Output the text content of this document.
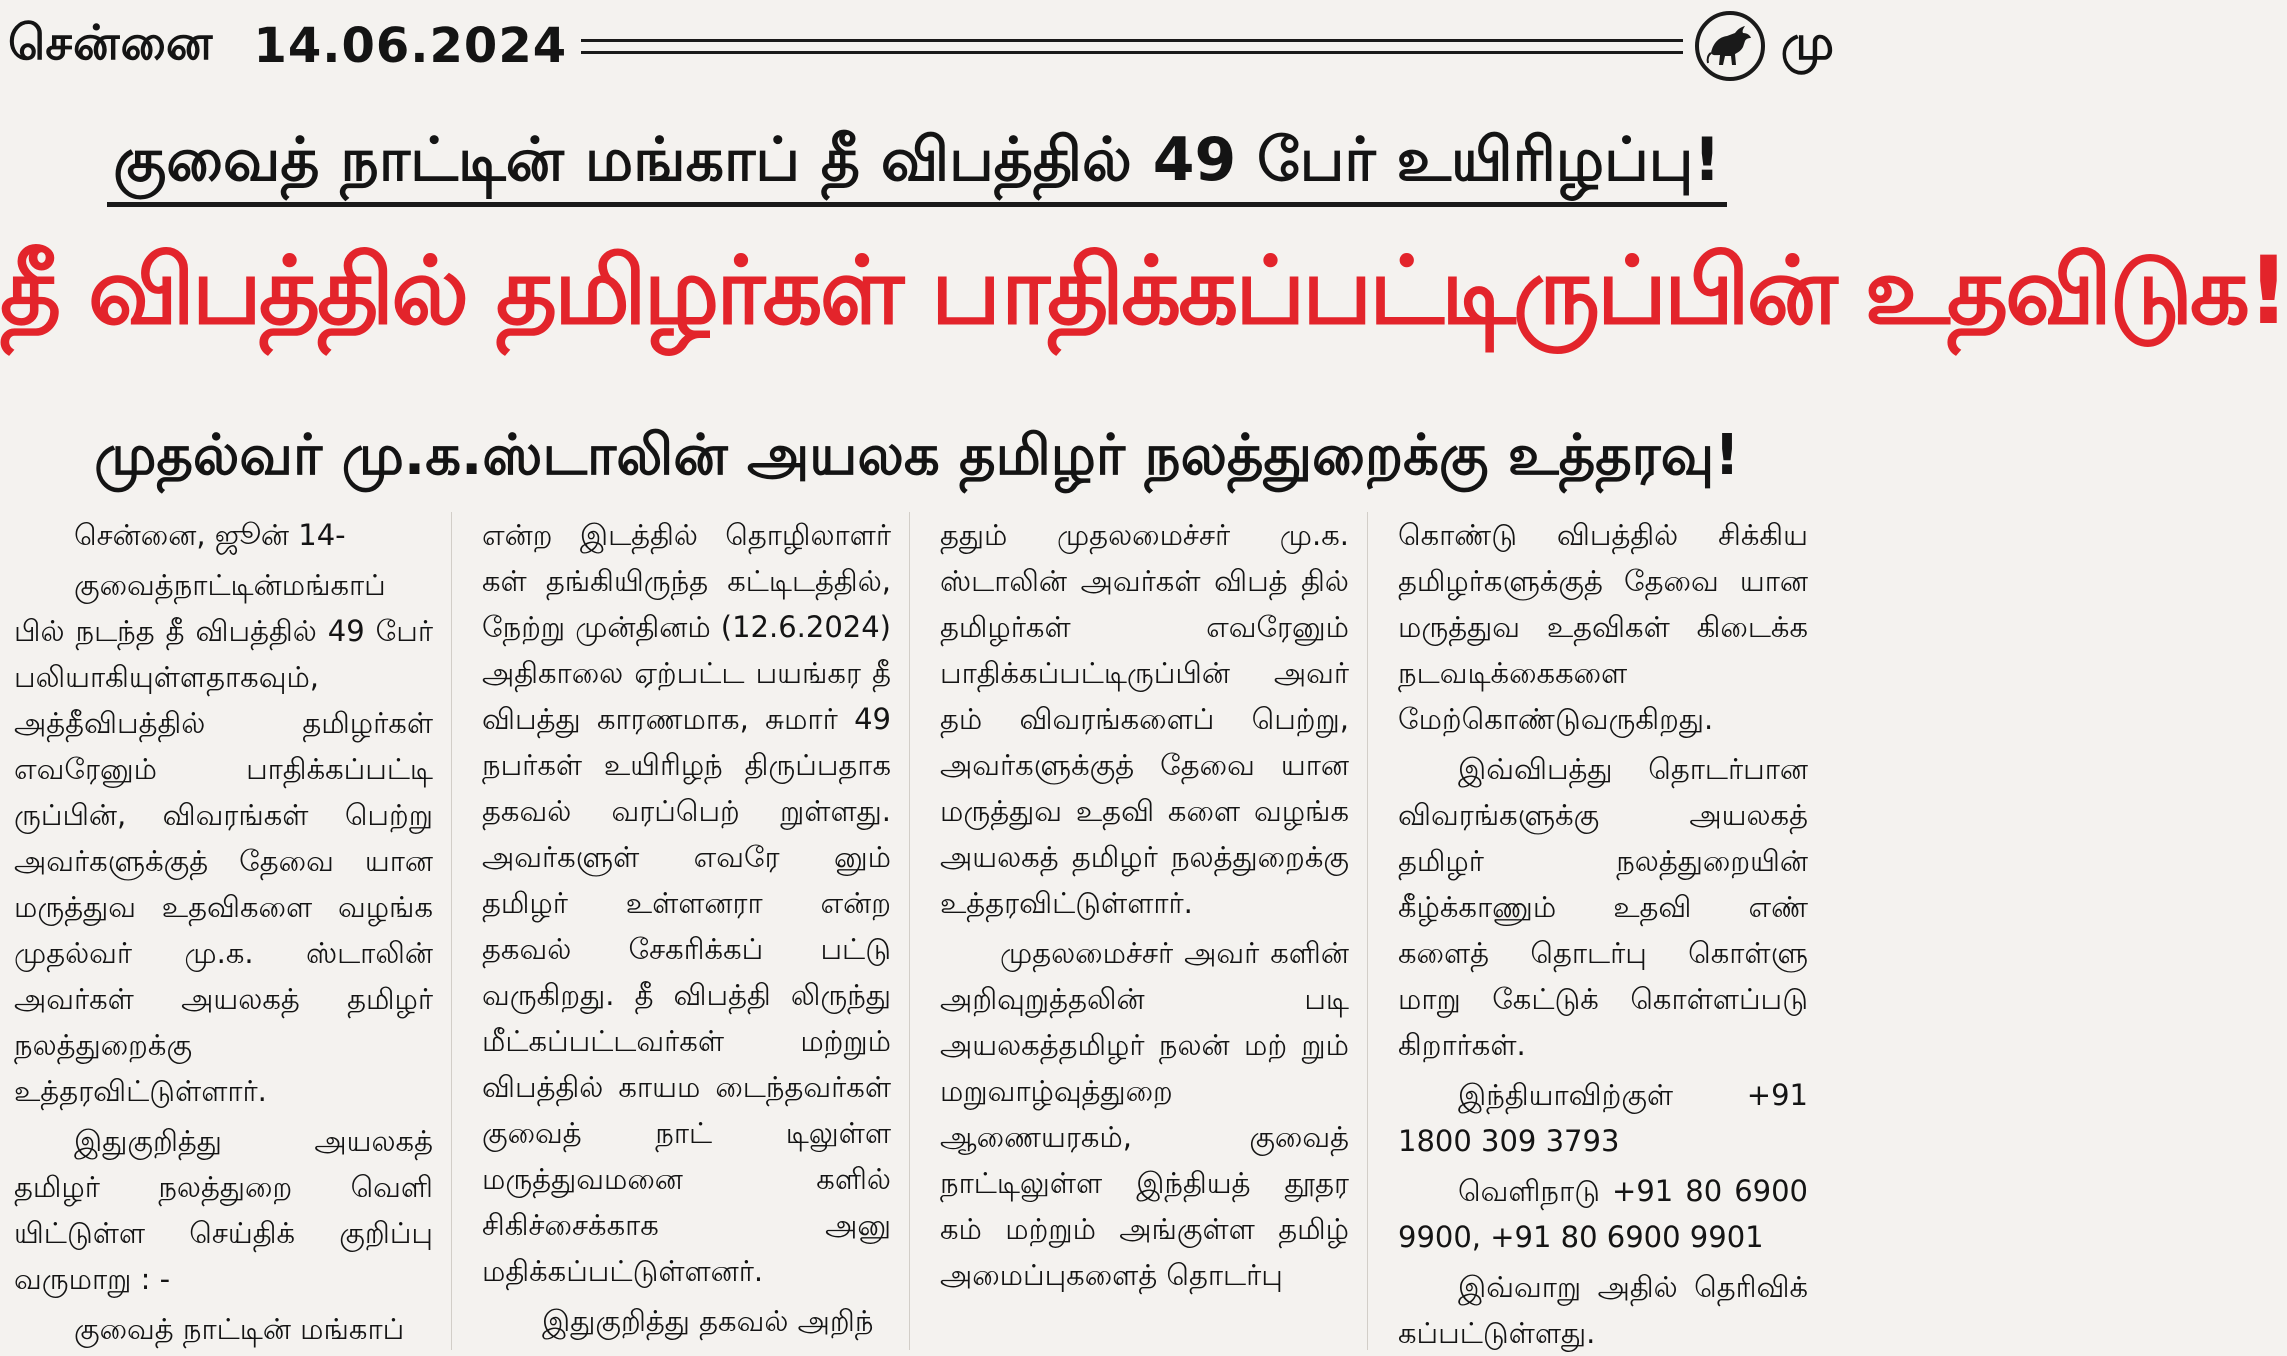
சென்னை 14.06.2024	மு
குவைத் நாட்டின் மங்காப் தீ விபத்தில் 49 பேர் உயிரிழப்பு!
தீ விபத்தில் தமிழர்கள் பாதிக்கப்பட்டிருப்பின் உதவிடுக!
முதல்வர் மு.க.ஸ்டாலின் அயலக தமிழர் நலத்துறைக்கு உத்தரவு!

சென்னை, ஜூன் 14-

குவைத்நாட்டின்மங்காப் பில் நடந்த தீ விபத்தில் 49 பேர் பலியாகியுள்ளதாகவும், அத்தீவிபத்தில் தமிழர்கள் எவரேனும் பாதிக்கப்பட்டி ருப்பின், விவரங்கள் பெற்று அவர்களுக்குத் தேவை யான மருத்துவ உதவிகளை வழங்க முதல்வர் மு.க. ஸ்டாலின் அவர்கள் அயலகத் தமிழர் நலத்துறைக்கு உத்தரவிட்டுள்ளார்.

இதுகுறித்து அயலகத் தமிழர் நலத்துறை வெளி யிட்டுள்ள செய்திக் குறிப்பு வருமாறு : -

குவைத் நாட்டின் மங்காப்

என்ற இடத்தில் தொழிலாளர் கள் தங்கியிருந்த கட்டிடத்தில், நேற்று முன்தினம் (12.6.2024) அதிகாலை ஏற்பட்ட பயங்கர தீ விபத்து காரணமாக, சுமார் 49 நபர்கள் உயிரிழந் திருப்பதாக தகவல் வரப்பெற் றுள்ளது. அவர்களுள் எவரே னும் தமிழர் உள்ளனரா என்ற தகவல் சேகரிக்கப் பட்டு வருகிறது. தீ விபத்தி லிருந்து மீட்கப்பட்டவர்கள் மற்றும் விபத்தில் காயம டைந்தவர்கள் குவைத் நாட் டிலுள்ள மருத்துவமனை களில் சிகிச்சைக்காக அனு மதிக்கப்பட்டுள்ளனர்.

இதுகுறித்து தகவல் அறிந்

ததும் முதலமைச்சர் மு.க. ஸ்டாலின் அவர்கள் விபத் தில் தமிழர்கள் எவரேனும் பாதிக்கப்பட்டிருப்பின் அவர் தம் விவரங்களைப் பெற்று, அவர்களுக்குத் தேவை யான மருத்துவ உதவி களை வழங்க அயலகத் தமிழர் நலத்துறைக்கு உத்தரவிட்டுள்ளார்.

முதலமைச்சர் அவர் களின் அறிவுறுத்தலின் படி அயலகத்தமிழர் நலன் மற் றும் மறுவாழ்வுத்துறை ஆணையரகம், குவைத் நாட்டிலுள்ள இந்தியத் தூதர கம் மற்றும் அங்குள்ள தமிழ் அமைப்புகளைத் தொடர்பு

கொண்டு விபத்தில் சிக்கிய தமிழர்களுக்குத் தேவை யான மருத்துவ உதவிகள் கிடைக்க நடவடிக்கைகளை மேற்கொண்டுவருகிறது.

இவ்விபத்து தொடர்பான விவரங்களுக்கு அயலகத் தமிழர் நலத்துறையின் கீழ்க்காணும் உதவி எண் களைத் தொடர்பு கொள்ளு மாறு கேட்டுக் கொள்ளப்படு கிறார்கள்.

இந்தியாவிற்குள் +91 1800 309 3793

வெளிநாடு +91 80 6900 9900, +91 80 6900 9901

இவ்வாறு அதில் தெரிவிக் கப்பட்டுள்ளது.
